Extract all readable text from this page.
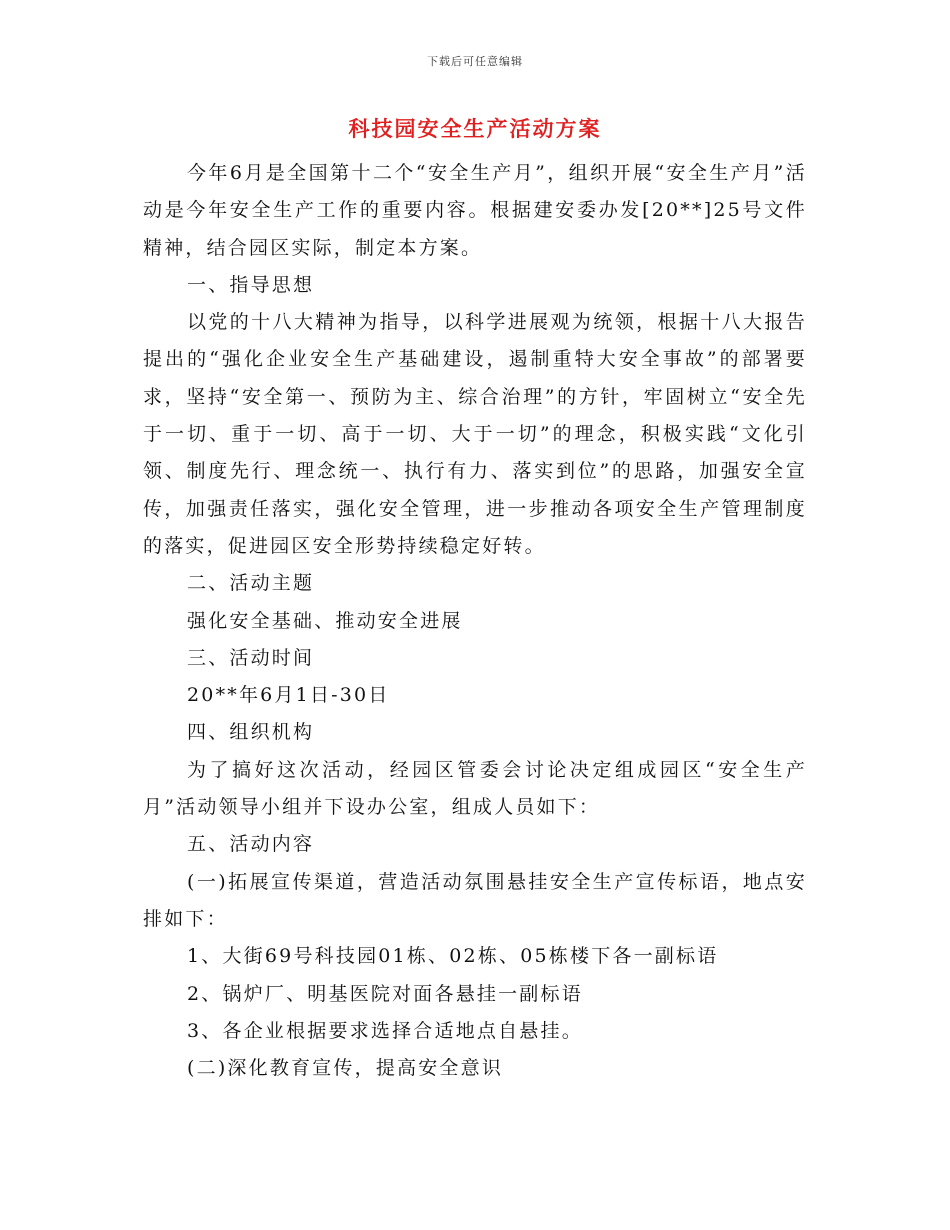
下载后可任意编辑
科技园安全生产活动方案

今年6月是全国第十二个“安全生产月”，组织开展“安全生产月”活动是今年安全生产工作的重要内容。根据建安委办发[20**]25号文件精神，结合园区实际，制定本方案。

一、指导思想

以党的十八大精神为指导，以科学进展观为统领，根据十八大报告提出的“强化企业安全生产基础建设，遏制重特大安全事故”的部署要求，坚持“安全第一、预防为主、综合治理”的方针，牢固树立“安全先于一切、重于一切、高于一切、大于一切”的理念，积极实践“文化引领、制度先行、理念统一、执行有力、落实到位”的思路，加强安全宣传，加强责任落实，强化安全管理，进一步推动各项安全生产管理制度的落实，促进园区安全形势持续稳定好转。

二、活动主题

强化安全基础、推动安全进展

三、活动时间

20**年6月1日-30日

四、组织机构

为了搞好这次活动，经园区管委会讨论决定组成园区“安全生产月”活动领导小组并下设办公室，组成人员如下：

五、活动内容

(一)拓展宣传渠道，营造活动氛围悬挂安全生产宣传标语，地点安排如下：

1、大街69号科技园01栋、02栋、05栋楼下各一副标语

2、锅炉厂、明基医院对面各悬挂一副标语

3、各企业根据要求选择合适地点自悬挂。

(二)深化教育宣传，提高安全意识
